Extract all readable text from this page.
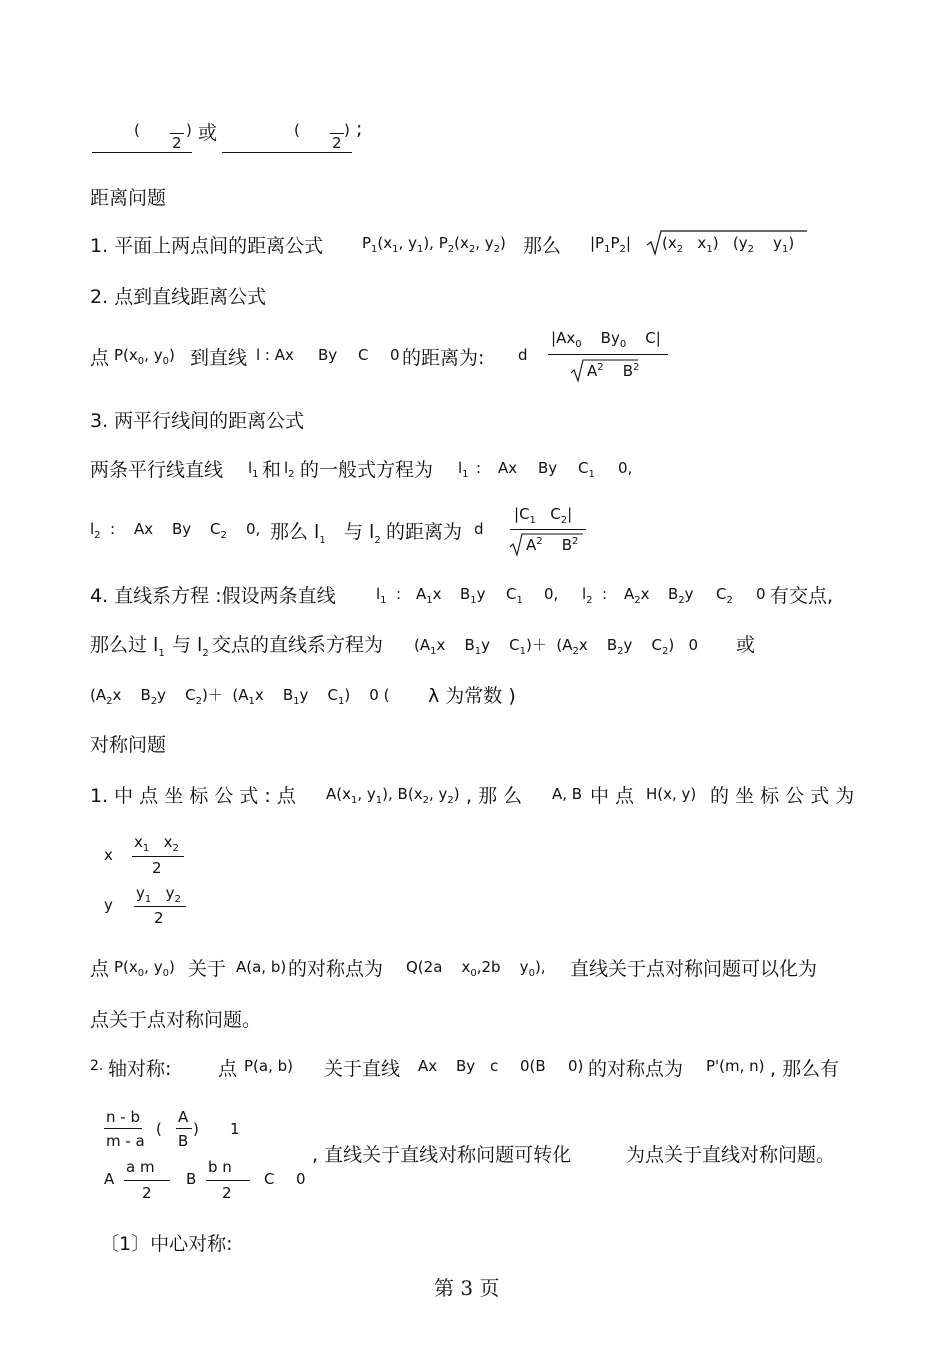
(
2
) 或	(
2
) ;
距离问题
1. 平面上两点间的距离公式	$P_1(x_1$, $y_1$), $P_2(x_2$, $y_2$) 那么 $|P_1P_2|$ ($x_2$ $x_1$) ($y_2$ $y_1$)
2. 点到直线距离公式
点 $P(x_0$, $y_0$) 到直线 l : Ax By C 0 的距离为: d
$|Ax_0$ $By_0$ C|
$A^2$ $B^2$
3. 两平行线间的距离公式
两条平行线直线 $l_1$ 和 $l_2$ 的一般式方程为 $l_1$ : Ax By $C_1$ 0,
$l_2$ : Ax By $C_2$ 0, 那么 $l_1$ 与 $l_2$ 的距离为 d
$|C_1$ $C_2|$
$A^2$ $B^2$
4. 直线系方程 :假设两条直线	$l_1$ : $A_1x$ $B_1y$ $C_1$ 0, $l_2$ : $A_2x$ $B_2y$ $C_2$ 0 有交点,
那么过 $l_1$ 与 $l_2$ 交点的直线系方程为 ($A_1x$ $B_1y$ $C_1)+ (A_2x$ $B_2y$ $C_2$) 0 或
($A_2x$ $B_2y$ $C_2)+ (A_1x$ $B_1y$ $C_1$) 0 ( λ 为常数 )
对称问题
1. 中 点 坐 标 公 式 : 点 $A(x_1$, $y_1$), $B(x_2$, $y_2$) , 那 么 A, B 中 点 H(x, y) 的 坐 标 公 式 为
x
$x_1$ $x_2$
2
y
$y_1$ $y_2$
2
点 $P(x_0$, $y_0$) 关于 A(a, b) 的对称点为 Q(2a $x_0,2b$ $y_0$), 直线关于点对称问题可以化为
点关于点对称问题。
2. 轴对称: 点 P(a, b) 关于直线 Ax By c 0(B 0) 的对称点为 P'(m, n) , 那么有
n - b
m - a
(
A
B
) 1
A
a m
2
B
b n
2
C 0
, 直线关于直线对称问题可转化	为点关于直线对称问题。
〔1〕中心对称:
第 3 页
